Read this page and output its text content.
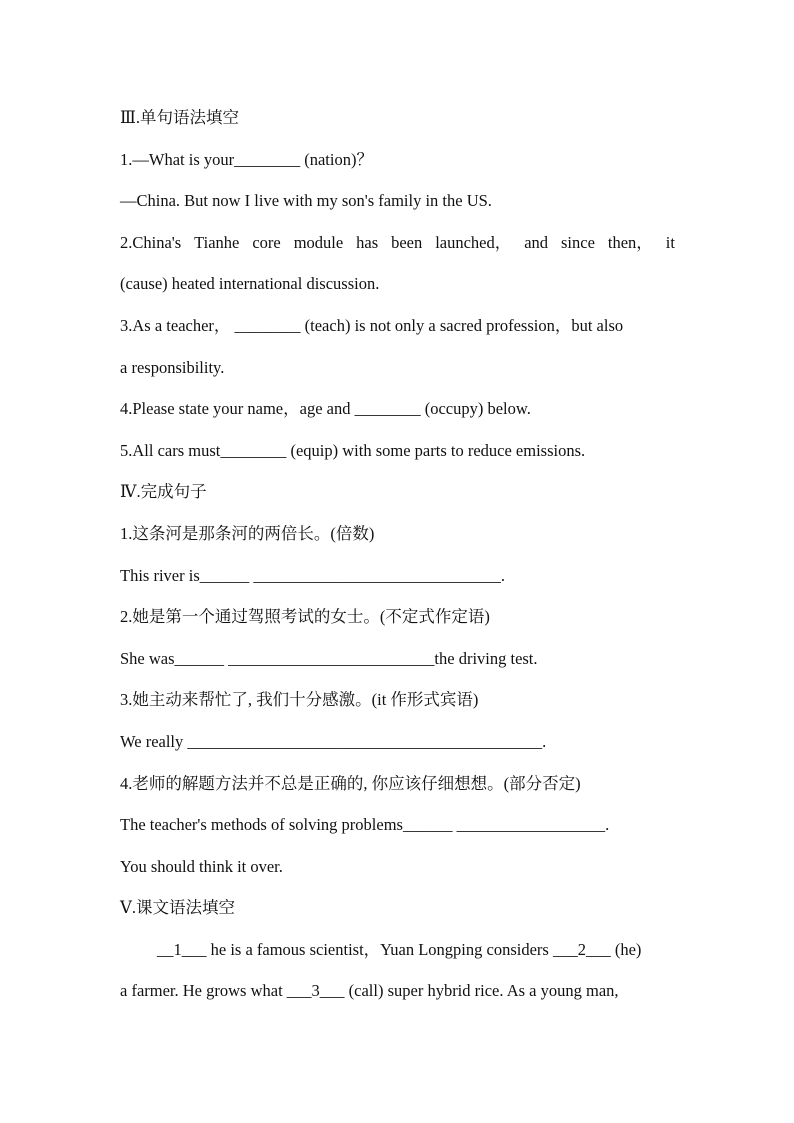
Ⅲ.单句语法填空
1.—What is your________ (nation)？
—China. But now I live with my son's family in the US.
2.China's Tianhe core module has been launched， and since then， it
(cause) heated international discussion.
3.As a teacher， ________ (teach) is not only a sacred profession，but also
a responsibility.
4.Please state your name，age and ________ (occupy) below.
5.All cars must________ (equip) with some parts to reduce emissions.
Ⅳ.完成句子
1.这条河是那条河的两倍长。(倍数)
This river is______ ______________________________.
2.她是第一个通过驾照考试的女士。(不定式作定语)
She was______ _________________________the driving test.
3.她主动来帮忙了, 我们十分感激。(it 作形式宾语)
We really ___________________________________________.
4.老师的解题方法并不总是正确的, 你应该仔细想想。(部分否定)
The teacher's methods of solving problems______ __________________.
You should think it over.
Ⅴ.课文语法填空
__1___ he is a famous scientist，Yuan Longping considers ___2___ (he)
a farmer. He grows what ___3___ (call) super hybrid rice. As a young man,
